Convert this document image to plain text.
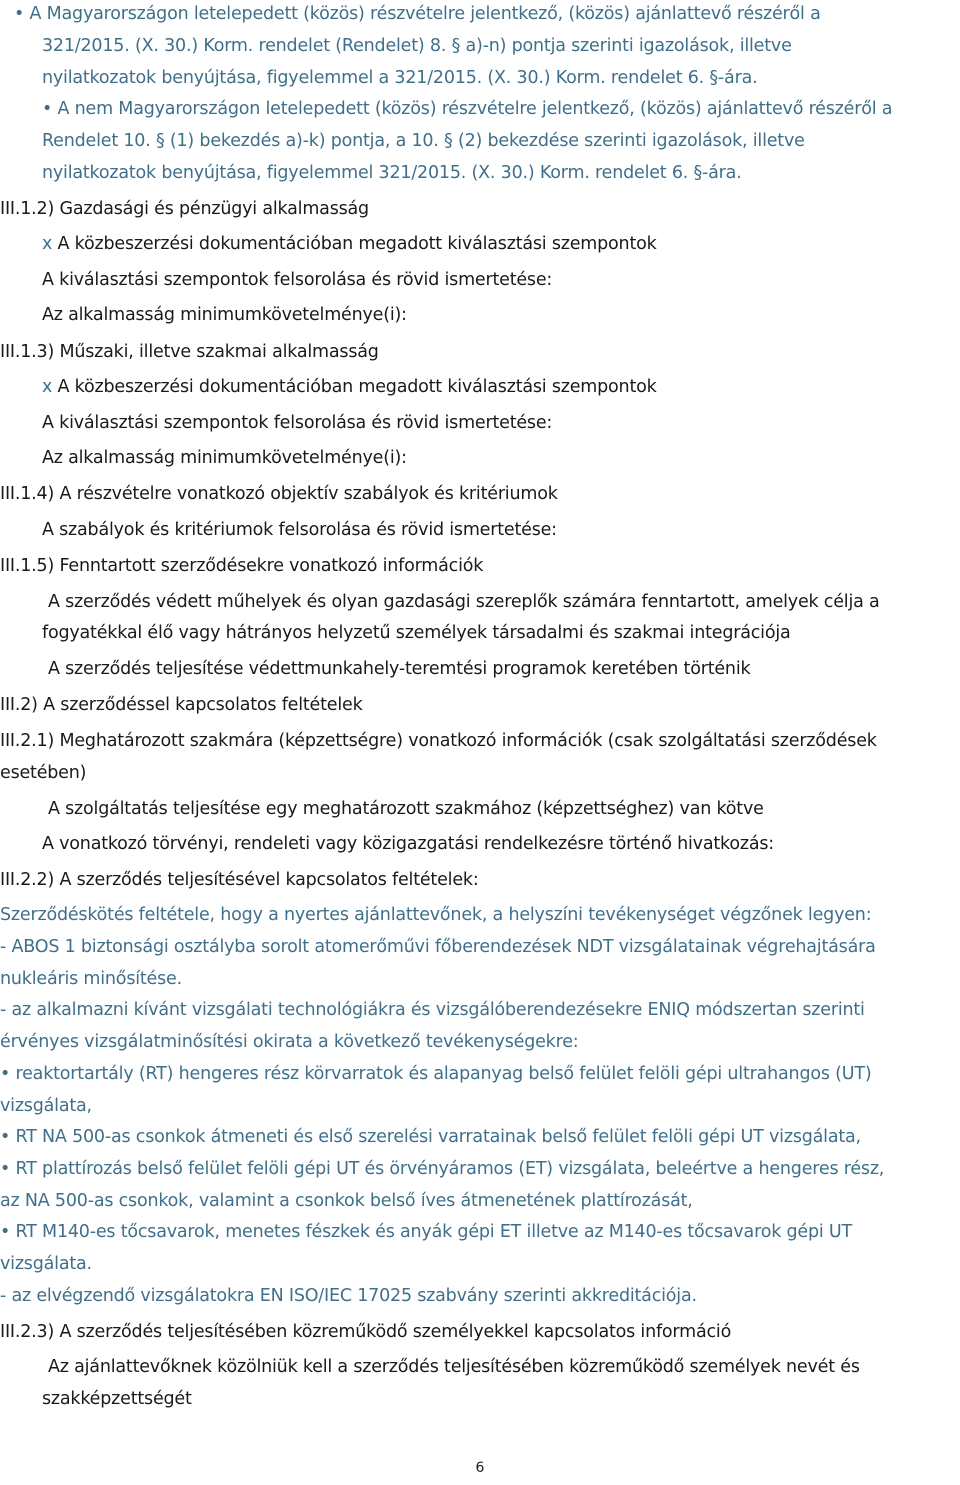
• A Magyarországon letelepedett (közös) részvételre jelentkező, (közös) ajánlattevő részéről a
321/2015. (X. 30.) Korm. rendelet (Rendelet) 8. § a)-n) pontja szerinti igazolások, illetve
nyilatkozatok benyújtása, figyelemmel a 321/2015. (X. 30.) Korm. rendelet 6. §-ára.
• A nem Magyarországon letelepedett (közös) részvételre jelentkező, (közös) ajánlattevő részéről a
Rendelet 10. § (1) bekezdés a)-k) pontja, a 10. § (2) bekezdése szerinti igazolások, illetve
nyilatkozatok benyújtása, figyelemmel 321/2015. (X. 30.) Korm. rendelet 6. §-ára.
III.1.2) Gazdasági és pénzügyi alkalmasság
x A közbeszerzési dokumentációban megadott kiválasztási szempontok
A kiválasztási szempontok felsorolása és rövid ismertetése:
Az alkalmasság minimumkövetelménye(i):
III.1.3) Műszaki, illetve szakmai alkalmasság
x A közbeszerzési dokumentációban megadott kiválasztási szempontok
A kiválasztási szempontok felsorolása és rövid ismertetése:
Az alkalmasság minimumkövetelménye(i):
III.1.4) A részvételre vonatkozó objektív szabályok és kritériumok
A szabályok és kritériumok felsorolása és rövid ismertetése:
III.1.5) Fenntartott szerződésekre vonatkozó információk
A szerződés védett műhelyek és olyan gazdasági szereplők számára fenntartott, amelyek célja a
fogyatékkal élő vagy hátrányos helyzetű személyek társadalmi és szakmai integrációja
A szerződés teljesítése védettmunkahely-teremtési programok keretében történik
III.2) A szerződéssel kapcsolatos feltételek
III.2.1) Meghatározott szakmára (képzettségre) vonatkozó információk (csak szolgáltatási szerződések
esetében)
A szolgáltatás teljesítése egy meghatározott szakmához (képzettséghez) van kötve
A vonatkozó törvényi, rendeleti vagy közigazgatási rendelkezésre történő hivatkozás:
III.2.2) A szerződés teljesítésével kapcsolatos feltételek:
Szerződéskötés feltétele, hogy a nyertes ajánlattevőnek, a helyszíni tevékenységet végzőnek legyen:
- ABOS 1 biztonsági osztályba sorolt atomerőművi főberendezések NDT vizsgálatainak végrehajtására
nukleáris minősítése.
- az alkalmazni kívánt vizsgálati technológiákra és vizsgálóberendezésekre ENIQ módszertan szerinti
érvényes vizsgálatminősítési okirata a következő tevékenységekre:
• reaktortartály (RT) hengeres rész körvarratok és alapanyag belső felület felöli gépi ultrahangos (UT)
vizsgálata,
• RT NA 500-as csonkok átmeneti és első szerelési varratainak belső felület felöli gépi UT vizsgálata,
• RT plattírozás belső felület felöli gépi UT és örvényáramos (ET) vizsgálata, beleértve a hengeres rész,
az NA 500-as csonkok, valamint a csonkok belső íves átmenetének plattírozását,
• RT M140-es tőcsavarok, menetes fészkek és anyák gépi ET illetve az M140-es tőcsavarok gépi UT
vizsgálata.
- az elvégzendő vizsgálatokra EN ISO/IEC 17025 szabvány szerinti akkreditációja.
III.2.3) A szerződés teljesítésében közreműködő személyekkel kapcsolatos információ
Az ajánlattevőknek közölniük kell a szerződés teljesítésében közreműködő személyek nevét és
szakképzettségét
6
